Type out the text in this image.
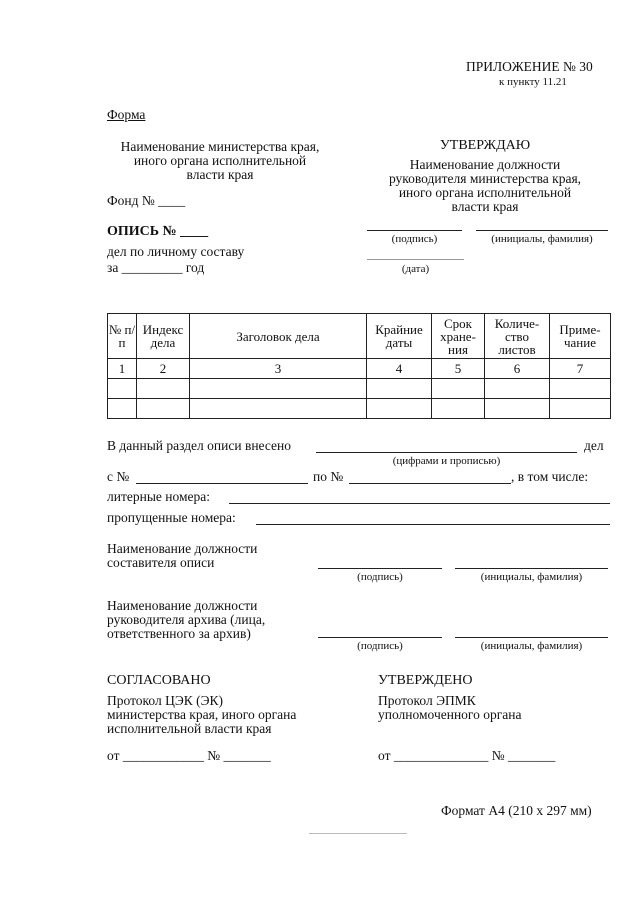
ПРИЛОЖЕНИЕ № 30
к пункту 11.21
Форма
Наименование министерства края,
иного органа исполнительной
власти края
Фонд № ____
ОПИСЬ № ____
дел по личному составу
за _________ год
УТВЕРЖДАЮ
Наименование должности
руководителя министерства края,
иного органа исполнительной
власти края
(подпись)	(инициалы, фамилия)
(дата)
№ п/п	Индекс дела	Заголовок дела	Крайние даты	Срок хране- ния	Количе- ство листов	Приме- чание
1	2	3	4	5	6	7

В данный раздел описи внесено	дел
(цифрами и прописью)
с №	по №	, в том числе:
литерные номера:
пропущенные номера:
Наименование должности
составителя описи
(подпись)	(инициалы, фамилия)
Наименование должности
руководителя архива (лица,
ответственного за архив)
(подпись)	(инициалы, фамилия)
СОГЛАСОВАНО
Протокол ЦЭК (ЭК)
министерства края, иного органа
исполнительной власти края
от ____________ № _______
УТВЕРЖДЕНО
Протокол ЭПМК
уполномоченного органа
от ______________ № _______
Формат А4 (210 х 297 мм)
